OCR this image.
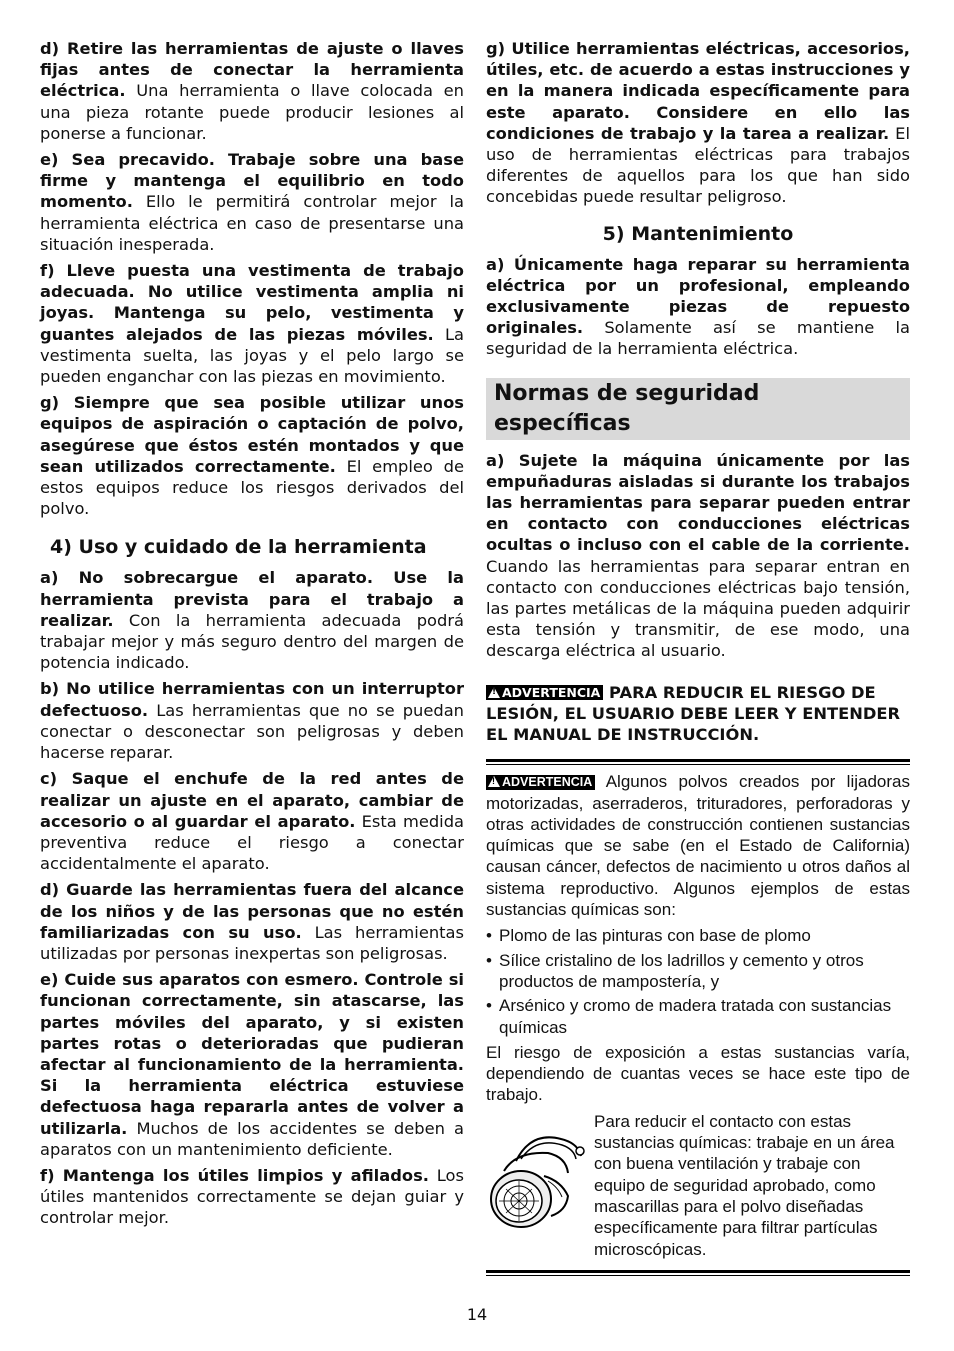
d) Retire las herramientas de ajuste o llaves fijas antes de conectar la herramienta eléctrica. Una herramienta o llave colocada en una pieza rotante puede producir lesiones al ponerse a funcionar.

e) Sea precavido. Trabaje sobre una base firme y mantenga el equilibrio en todo momento. Ello le permitirá controlar mejor la herramienta eléctrica en caso de presentarse una situación inesperada.

f) Lleve puesta una vestimenta de trabajo adecuada. No utilice vestimenta amplia ni joyas. Mantenga su pelo, vestimenta y guantes alejados de las piezas móviles. La vestimenta suelta, las joyas y el pelo largo se pueden enganchar con las piezas en movimiento.

g) Siempre que sea posible utilizar unos equipos de aspiración o captación de polvo, asegúrese que éstos estén montados y que sean utilizados correctamente. El empleo de estos equipos reduce los riesgos derivados del polvo.

4) Uso y cuidado de la herramienta

a) No sobrecargue el aparato. Use la herramienta prevista para el trabajo a realizar. Con la herramienta adecuada podrá trabajar mejor y más seguro dentro del margen de potencia indicado.

b) No utilice herramientas con un interruptor defectuoso. Las herramientas que no se puedan conectar o desconectar son peligrosas y deben hacerse reparar.

c) Saque el enchufe de la red antes de realizar un ajuste en el aparato, cambiar de accesorio o al guardar el aparato. Esta medida preventiva reduce el riesgo a conectar accidentalmente el aparato.

d) Guarde las herramientas fuera del alcance de los niños y de las personas que no estén familiarizadas con su uso. Las herramientas utilizadas por personas inexpertas son peligrosas.

e) Cuide sus aparatos con esmero. Controle si funcionan correctamente, sin atascarse, las partes móviles del aparato, y si existen partes rotas o deterioradas que pudieran afectar al funcionamiento de la herramienta. Si la herramienta eléctrica estuviese defectuosa haga repararla antes de volver a utilizarla. Muchos de los accidentes se deben a aparatos con un mantenimiento deficiente.

f) Mantenga los útiles limpios y afilados. Los útiles mantenidos correctamente se dejan guiar y controlar mejor.

g) Utilice herramientas eléctricas, accesorios, útiles, etc. de acuerdo a estas instrucciones y en la manera indicada específicamente para este aparato. Considere en ello las condiciones de trabajo y la tarea a realizar. El uso de herramientas eléctricas para trabajos diferentes de aquellos para los que han sido concebidas puede resultar peligroso.

5) Mantenimiento

a) Únicamente haga reparar su herramienta eléctrica por un profesional, empleando exclusivamente piezas de repuesto originales. Solamente así se mantiene la seguridad de la herramienta eléctrica.

Normas de seguridad específicas

a) Sujete la máquina únicamente por las empuñaduras aisladas si durante los trabajos las herramientas para separar pueden entrar en contacto con conducciones eléctricas ocultas o incluso con el cable de la corriente. Cuando las herramientas para separar entran en contacto con conducciones eléctricas bajo tensión, las partes metálicas de la máquina pueden adquirir esta tensión y transmitir, de ese modo, una descarga eléctrica al usuario.

!ADVERTENCIA PARA REDUCIR EL RIESGO DE LESIÓN, EL USUARIO DEBE LEER Y ENTENDER EL MANUAL DE INSTRUCCIÓN.

!ADVERTENCIA Algunos polvos creados por lijadoras motorizadas, aserraderos, trituradores, perforadoras y otras actividades de construcción contienen sustancias químicas que se sabe (en el Estado de California) causan cáncer, defectos de nacimiento u otros daños al sistema reproductivo. Algunos ejemplos de estas sustancias químicas son:

• Plomo de las pinturas con base de plomo
• Sílice cristalino de los ladrillos y cemento y otros productos de mampostería, y
• Arsénico y cromo de madera tratada con sustancias químicas

El riesgo de exposición a estas sustancias varía, dependiendo de cuantas veces se hace este tipo de trabajo.

Para reducir el contacto con estas sustancias químicas: trabaje en un área con buena ventilación y trabaje con equipo de seguridad aprobado, como mascarillas para el polvo diseñadas específicamente para filtrar partículas microscópicas.
14
